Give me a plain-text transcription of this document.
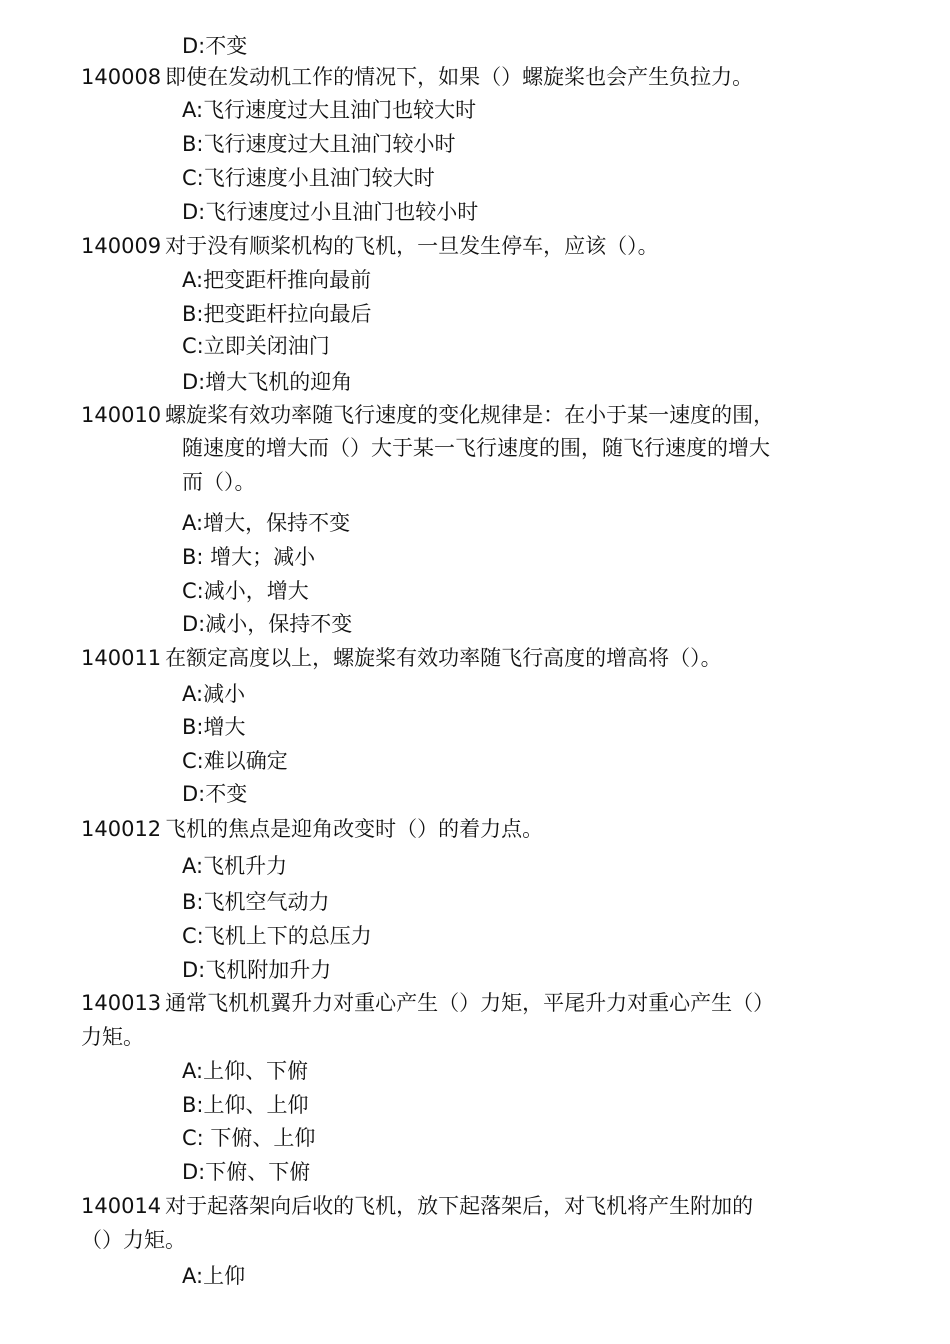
D:不变
140008 即使在发动机工作的情况下，如果（）螺旋桨也会产生负拉力。
A:飞行速度过大且油门也较大时
B:飞行速度过大且油门较小时
C:飞行速度小且油门较大时
D:飞行速度过小且油门也较小时
140009 对于没有顺桨机构的飞机，一旦发生停车，应该（）。
A:把变距杆推向最前
B:把变距杆拉向最后
C:立即关闭油门
D:增大飞机的迎角
140010 螺旋桨有效功率随飞行速度的变化规律是：在小于某一速度的围，
随速度的增大而（）大于某一飞行速度的围，随飞行速度的增大
而（）。
A:增大，保持不变
B: 增大；减小
C:减小，增大
D:减小，保持不变
140011 在额定高度以上，螺旋桨有效功率随飞行高度的增高将（）。
A:减小
B:增大
C:难以确定
D:不变
140012 飞机的焦点是迎角改变时（）的着力点。
A:飞机升力
B:飞机空气动力
C:飞机上下的总压力
D:飞机附加升力
140013 通常飞机机翼升力对重心产生（）力矩，平尾升力对重心产生（）
力矩。
A:上仰、下俯
B:上仰、上仰
C: 下俯、上仰
D:下俯、下俯
140014 对于起落架向后收的飞机，放下起落架后，对飞机将产生附加的
（）力矩。
A:上仰
